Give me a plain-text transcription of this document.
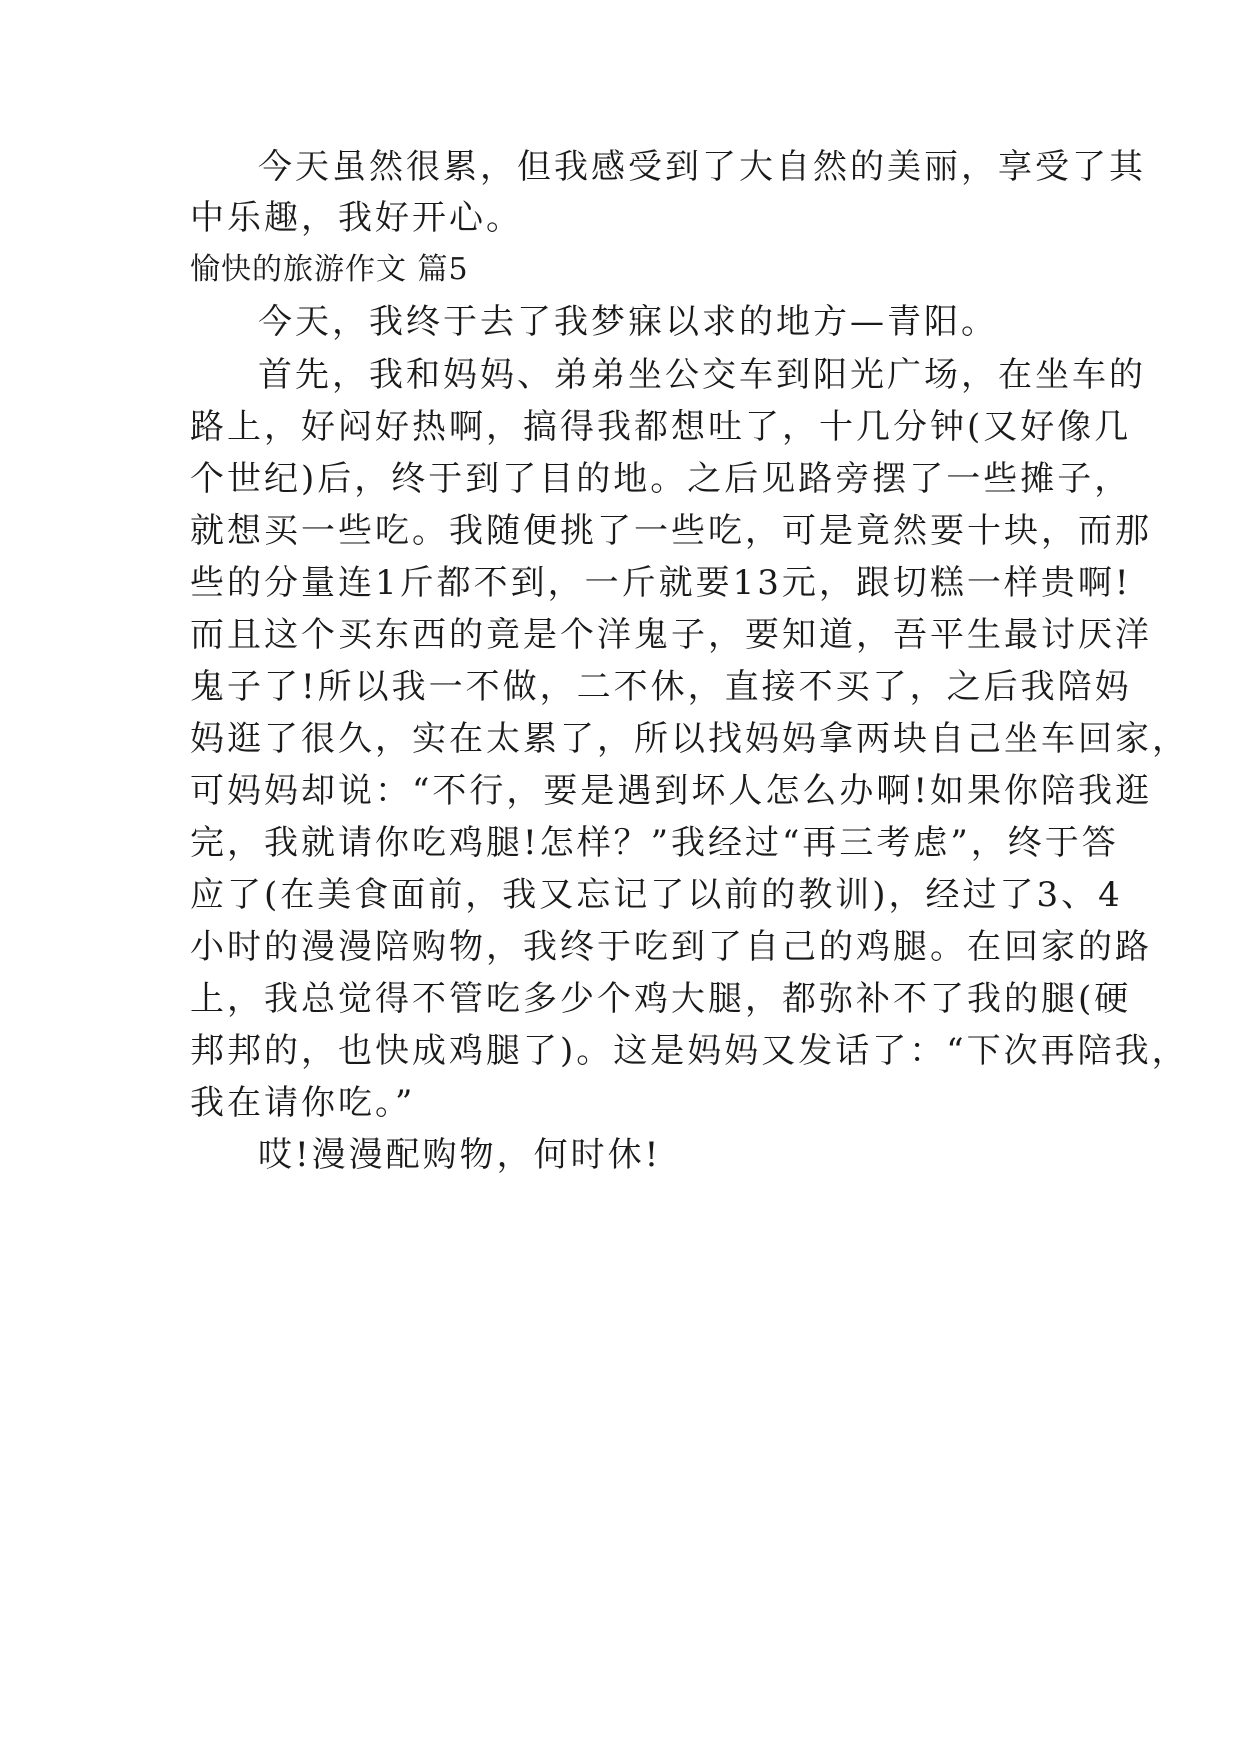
今天虽然很累，但我感受到了大自然的美丽，享受了其
中乐趣，我好开心。
愉快的旅游作文 篇5
今天，我终于去了我梦寐以求的地方—青阳。
首先，我和妈妈、弟弟坐公交车到阳光广场，在坐车的
路上，好闷好热啊，搞得我都想吐了，十几分钟(又好像几
个世纪)后，终于到了目的地。之后见路旁摆了一些摊子，
就想买一些吃。我随便挑了一些吃，可是竟然要十块，而那
些的分量连1斤都不到，一斤就要13元，跟切糕一样贵啊!
而且这个买东西的竟是个洋鬼子，要知道，吾平生最讨厌洋
鬼子了!所以我一不做，二不休，直接不买了，之后我陪妈
妈逛了很久，实在太累了，所以找妈妈拿两块自己坐车回家，
可妈妈却说：“不行，要是遇到坏人怎么办啊!如果你陪我逛
完，我就请你吃鸡腿!怎样？”我经过“再三考虑”，终于答
应了(在美食面前，我又忘记了以前的教训)，经过了3、4
小时的漫漫陪购物，我终于吃到了自己的鸡腿。在回家的路
上，我总觉得不管吃多少个鸡大腿，都弥补不了我的腿(硬
邦邦的，也快成鸡腿了)。这是妈妈又发话了：“下次再陪我，
我在请你吃。”
哎!漫漫配购物，何时休!
